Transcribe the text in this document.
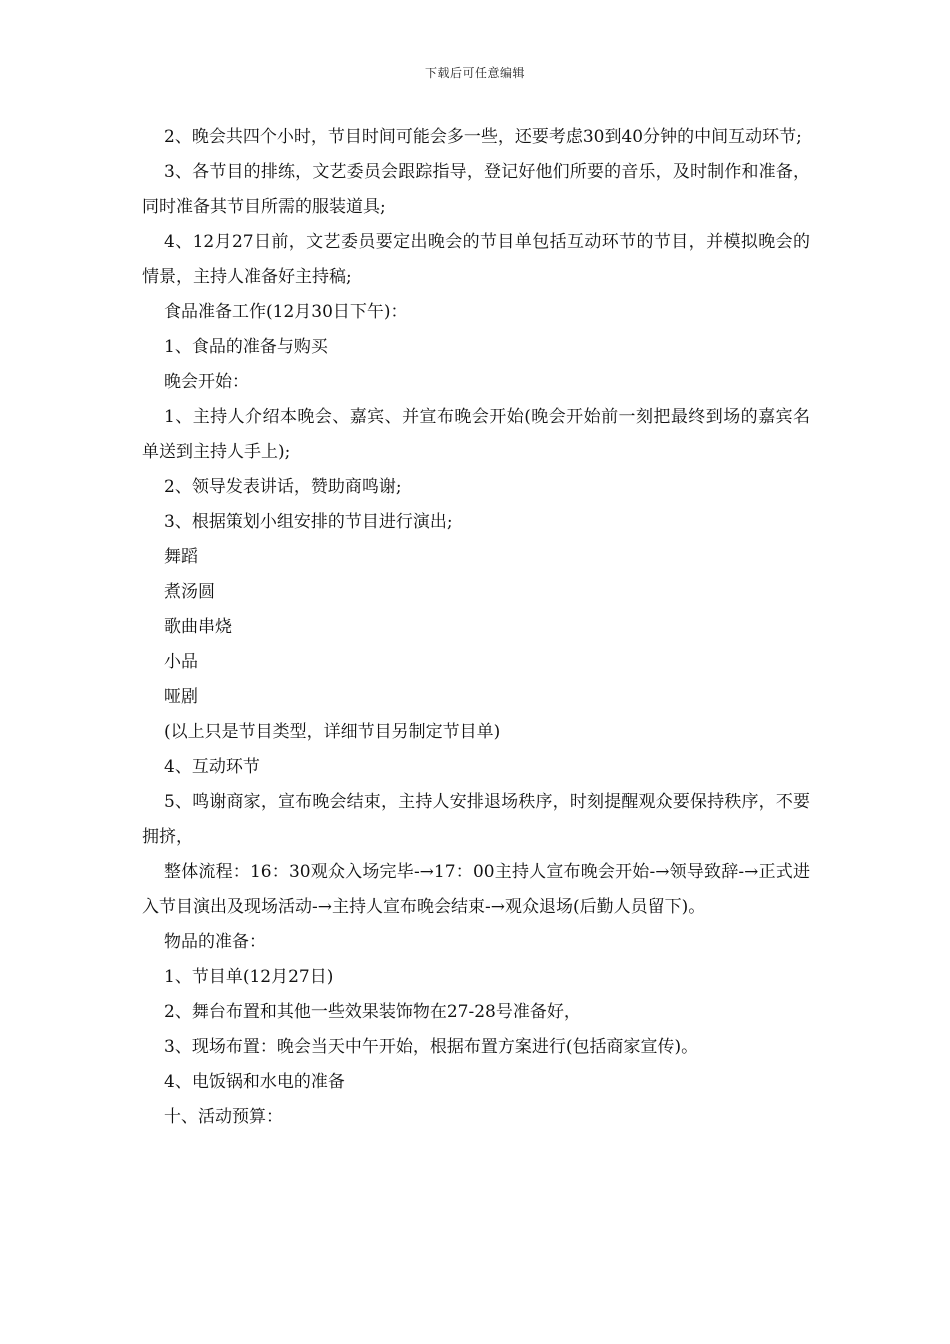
下载后可任意编辑

2、晚会共四个小时，节目时间可能会多一些，还要考虑30到40分钟的中间互动环节;

3、各节目的排练，文艺委员会跟踪指导，登记好他们所要的音乐，及时制作和准备，同时准备其节目所需的服装道具;

4、12月27日前，文艺委员要定出晚会的节目单包括互动环节的节目，并模拟晚会的情景，主持人准备好主持稿;

食品准备工作(12月30日下午)：

1、食品的准备与购买

晚会开始：

1、主持人介绍本晚会、嘉宾、并宣布晚会开始(晚会开始前一刻把最终到场的嘉宾名单送到主持人手上);

2、领导发表讲话，赞助商鸣谢;

3、根据策划小组安排的节目进行演出;

舞蹈

煮汤圆

歌曲串烧

小品

哑剧

(以上只是节目类型，详细节目另制定节目单)

4、互动环节

5、鸣谢商家，宣布晚会结束，主持人安排退场秩序，时刻提醒观众要保持秩序，不要拥挤，

整体流程：16：30观众入场完毕-→17：00主持人宣布晚会开始-→领导致辞-→正式进入节目演出及现场活动-→主持人宣布晚会结束-→观众退场(后勤人员留下)。

物品的准备：

1、节目单(12月27日)

2、舞台布置和其他一些效果装饰物在27-28号准备好，

3、现场布置：晚会当天中午开始，根据布置方案进行(包括商家宣传)。

4、电饭锅和水电的准备

十、活动预算：
